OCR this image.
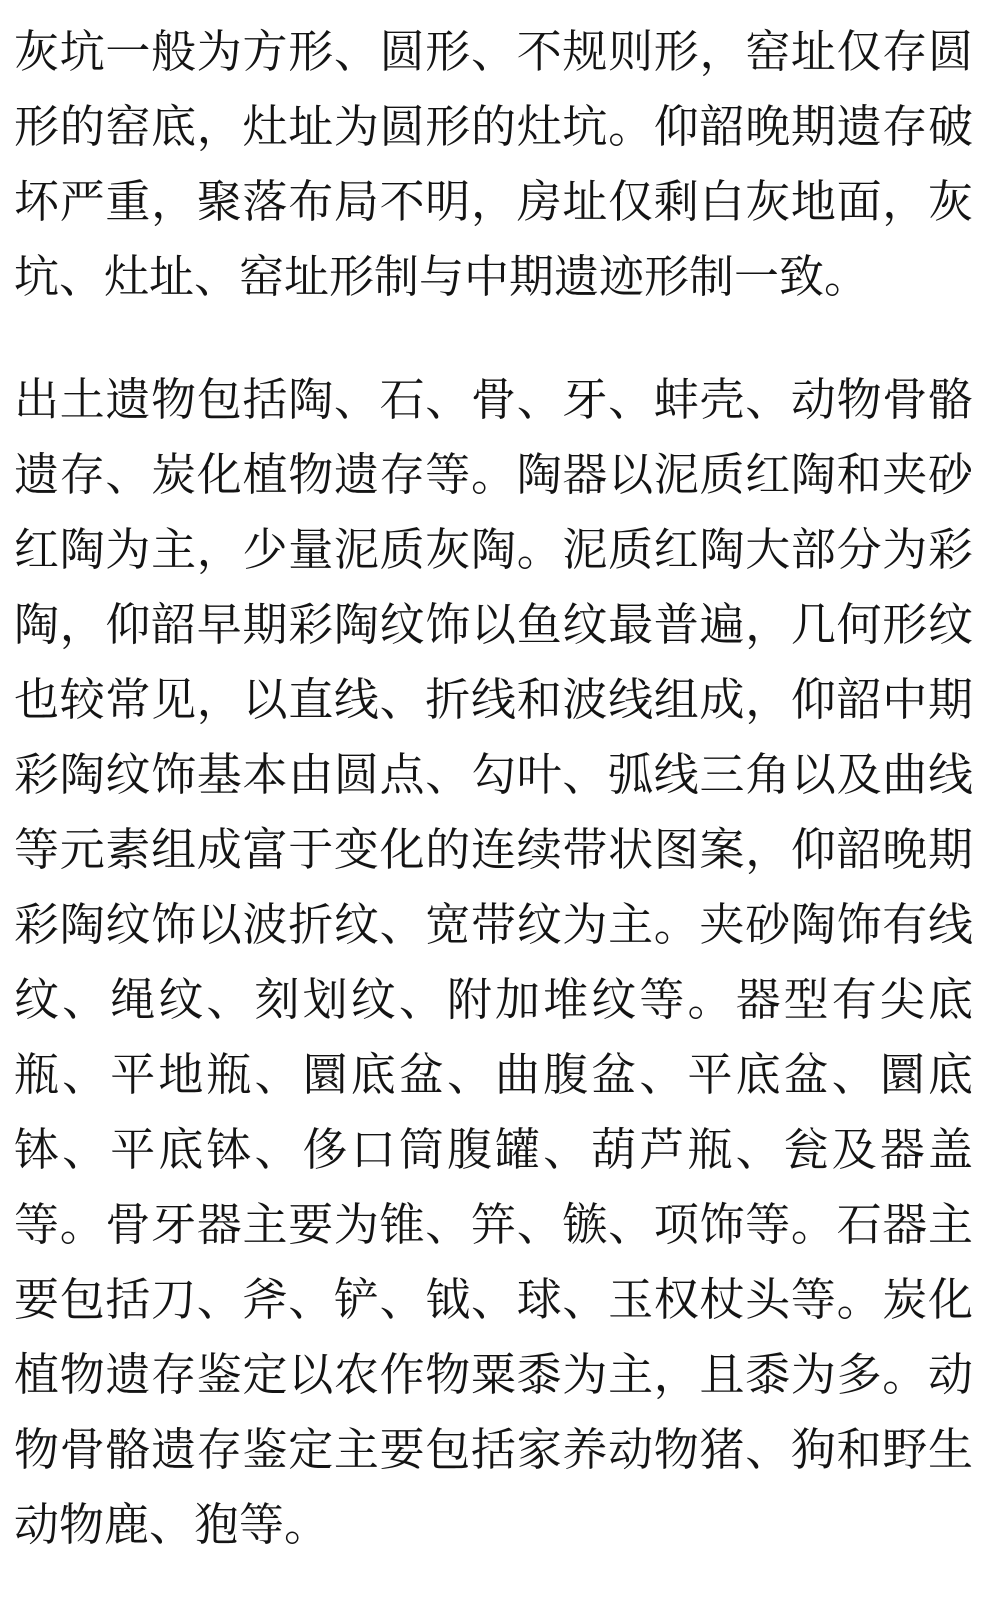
灰坑一般为方形、圆形、不规则形，窑址仅存圆形的窑底，灶址为圆形的灶坑。仰韶晚期遗存破坏严重，聚落布局不明，房址仅剩白灰地面，灰坑、灶址、窑址形制与中期遗迹形制一致。

出土遗物包括陶、石、骨、牙、蚌壳、动物骨骼遗存、炭化植物遗存等。陶器以泥质红陶和夹砂红陶为主，少量泥质灰陶。泥质红陶大部分为彩陶，仰韶早期彩陶纹饰以鱼纹最普遍，几何形纹也较常见，以直线、折线和波线组成，仰韶中期彩陶纹饰基本由圆点、勾叶、弧线三角以及曲线等元素组成富于变化的连续带状图案，仰韶晚期彩陶纹饰以波折纹、宽带纹为主。夹砂陶饰有线纹、绳纹、刻划纹、附加堆纹等。器型有尖底瓶、平地瓶、圜底盆、曲腹盆、平底盆、圜底钵、平底钵、侈口筒腹罐、葫芦瓶、瓮及器盖等。骨牙器主要为锥、笄、镞、项饰等。石器主要包括刀、斧、铲、钺、球、玉权杖头等。炭化植物遗存鉴定以农作物粟黍为主，且黍为多。动物骨骼遗存鉴定主要包括家养动物猪、狗和野生动物鹿、狍等。
